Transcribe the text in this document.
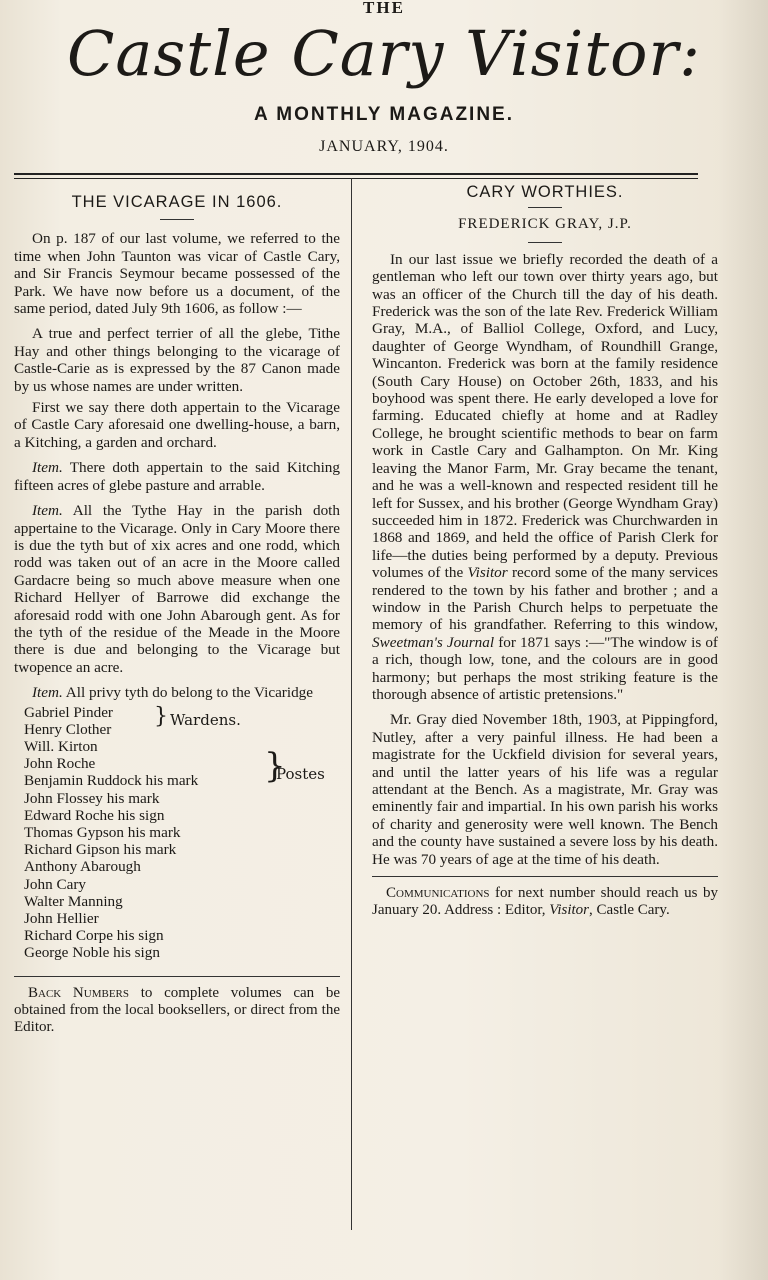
THE
Castle Cary Visitor:
A MONTHLY MAGAZINE.
JANUARY, 1904.
THE VICARAGE IN 1606.

On p. 187 of our last volume, we referred to the time when John Taunton was vicar of Castle Cary, and Sir Francis Seymour became possessed of the Park. We have now before us a document, of the same period, dated July 9th 1606, as follow :—

A true and perfect terrier of all the glebe, Tithe Hay and other things belonging to the vicarage of Castle-Carie as is expressed by the 87 Canon made by us whose names are under written.

First we say there doth appertain to the Vicarage of Castle Cary aforesaid one dwelling-house, a barn, a Kitching, a garden and orchard.

Item. There doth appertain to the said Kitching fifteen acres of glebe pasture and arrable.

Item. All the Tythe Hay in the parish doth appertaine to the Vicarage. Only in Cary Moore there is due the tyth but of xix acres and one rodd, which rodd was taken out of an acre in the Moore called Gardacre being so much above measure when one Richard Hellyer of Barrowe did exchange the aforesaid rodd with one John Abarough gent. As for the tyth of the residue of the Meade in the Moore there is due and belonging to the Vicarage but twopence an acre.

Item. All privy tyth do belong to the Vicaridge

Gabriel Pinder
Henry Clother
} Wardens.
Will. Kirton
John Roche
Benjamin Ruddock his mark
John Flossey his mark
}
Postes
Edward Roche his sign
Thomas Gypson his mark
Richard Gipson his mark
Anthony Abarough
John Cary
Walter Manning
John Hellier
Richard Corpe his sign
George Noble his sign

Back Numbers to complete volumes can be obtained from the local booksellers, or direct from the Editor.

CARY WORTHIES.
FREDERICK GRAY, J.P.

In our last issue we briefly recorded the death of a gentleman who left our town over thirty years ago, but was an officer of the Church till the day of his death. Frederick was the son of the late Rev. Frederick William Gray, M.A., of Balliol College, Oxford, and Lucy, daughter of George Wyndham, of Roundhill Grange, Wincanton. Frederick was born at the family residence (South Cary House) on October 26th, 1833, and his boyhood was spent there. He early developed a love for farming. Educated chiefly at home and at Radley College, he brought scientific methods to bear on farm work in Castle Cary and Galhampton. On Mr. King leaving the Manor Farm, Mr. Gray became the tenant, and he was a well-known and respected resident till he left for Sussex, and his brother (George Wyndham Gray) succeeded him in 1872. Frederick was Churchwarden in 1868 and 1869, and held the office of Parish Clerk for life—the duties being performed by a deputy. Previous volumes of the Visitor record some of the many services rendered to the town by his father and brother ; and a window in the Parish Church helps to perpetuate the memory of his grandfather. Referring to this window, Sweetman's Journal for 1871 says :—"The window is of a rich, though low, tone, and the colours are in good harmony; but perhaps the most striking feature is the thorough absence of artistic pretensions."

Mr. Gray died November 18th, 1903, at Pippingford, Nutley, after a very painful illness. He had been a magistrate for the Uckfield division for several years, and until the latter years of his life was a regular attendant at the Bench. As a magistrate, Mr. Gray was eminently fair and impartial. In his own parish his works of charity and generosity were well known. The Bench and the county have sustained a severe loss by his death. He was 70 years of age at the time of his death.

Communications for next number should reach us by January 20. Address : Editor, Visitor, Castle Cary.
